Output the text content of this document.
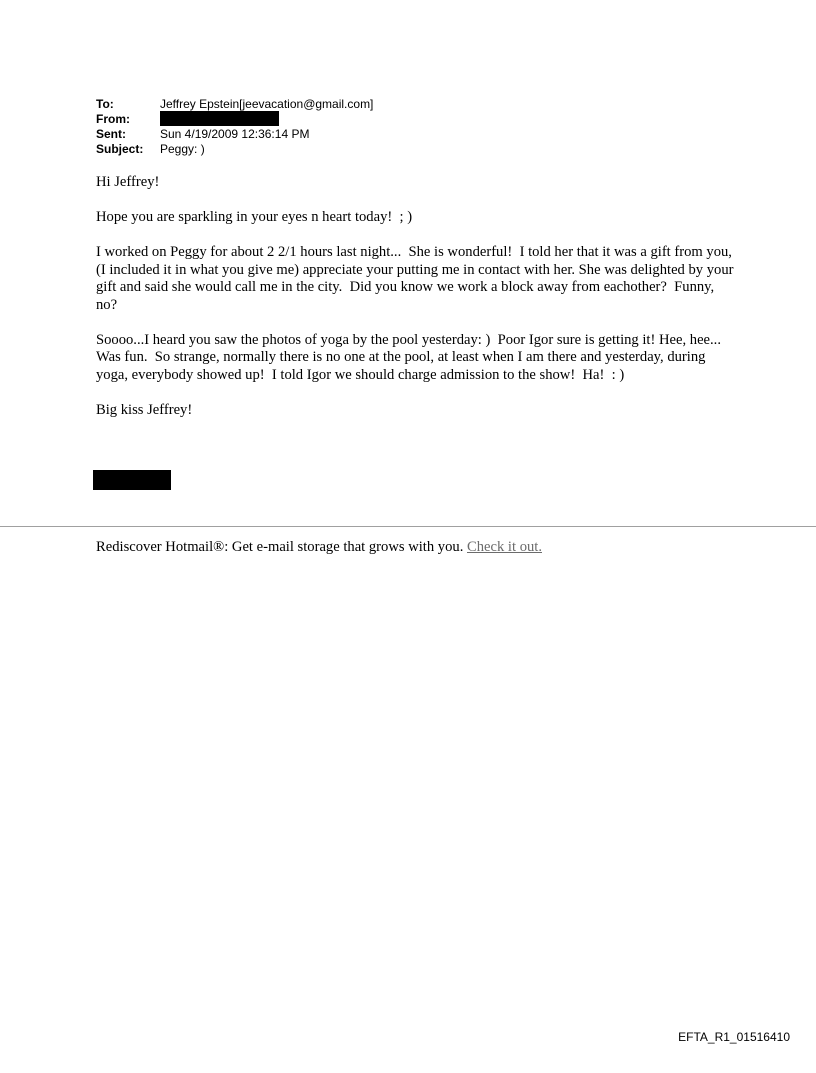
To:	Jeffrey Epstein[jeevacation@gmail.com]
From:
Sent:	Sun 4/19/2009 12:36:14 PM
Subject:	Peggy: )

Hi Jeffrey!

Hope you are sparkling in your eyes n heart today!  ; )

I worked on Peggy for about 2 2/1 hours last night...  She is wonderful!  I told her that it was a gift from you, (I included it in what you give me) appreciate your putting me in contact with her. She was delighted by your gift and said she would call me in the city.  Did you know we work a block away from eachother?  Funny, no?

Soooo...I heard you saw the photos of yoga by the pool yesterday: )  Poor Igor sure is getting it! Hee, hee...  Was fun.  So strange, normally there is no one at the pool, at least when I am there and yesterday, during yoga, everybody showed up!  I told Igor we should charge admission to the show!  Ha!  : )

Big kiss Jeffrey!

Rediscover Hotmail®: Get e-mail storage that grows with you. Check it out.
EFTA_R1_01516410
